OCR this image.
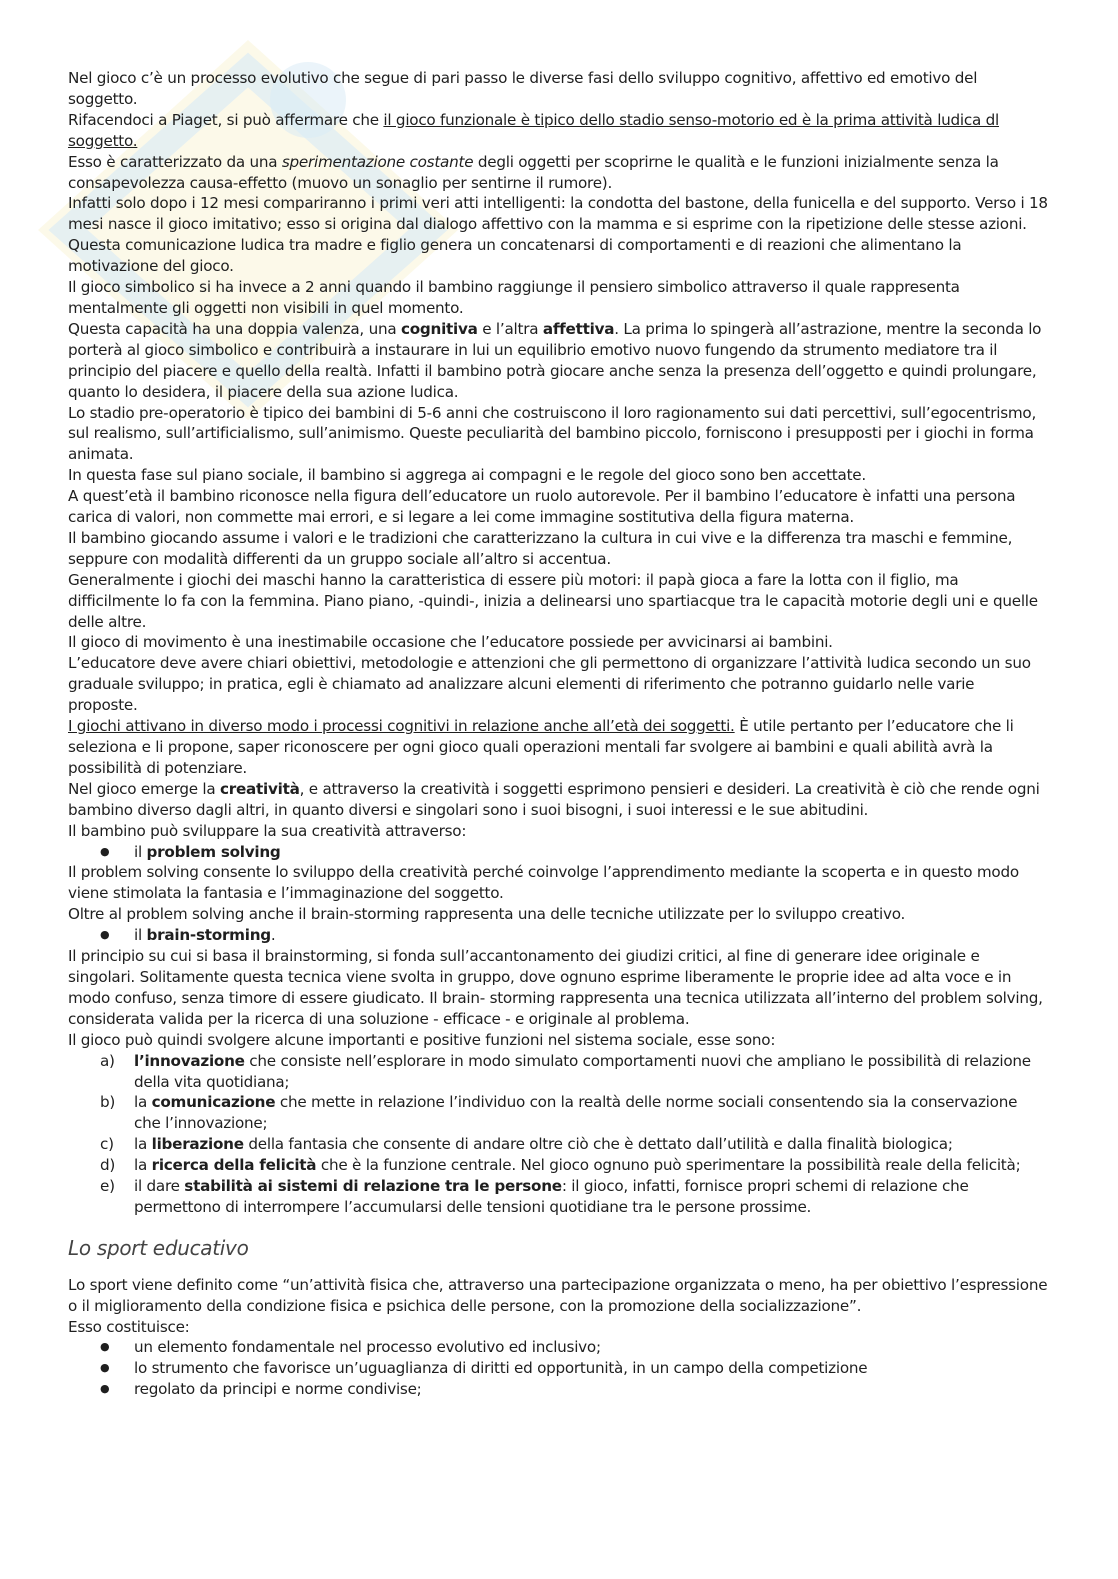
Nel gioco c’è un processo evolutivo che segue di pari passo le diverse fasi dello sviluppo cognitivo, affettivo ed emotivo del soggetto.

Rifacendoci a Piaget, si può affermare che il gioco funzionale è tipico dello stadio senso-motorio ed è la prima attività ludica dl soggetto.

Esso è caratterizzato da una sperimentazione costante degli oggetti per scoprirne le qualità e le funzioni inizialmente senza la consapevolezza causa-effetto (muovo un sonaglio per sentirne il rumore).

Infatti solo dopo i 12 mesi compariranno i primi veri atti intelligenti: la condotta del bastone, della funicella e del supporto. Verso i 18 mesi nasce il gioco imitativo; esso si origina dal dialogo affettivo con la mamma e si esprime con la ripetizione delle stesse azioni. Questa comunicazione ludica tra madre e figlio genera un concatenarsi di comportamenti e di reazioni che alimentano la motivazione del gioco.

Il gioco simbolico si ha invece a 2 anni quando il bambino raggiunge il pensiero simbolico attraverso il quale rappresenta mentalmente gli oggetti non visibili in quel momento.

Questa capacità ha una doppia valenza, una cognitiva e l’altra affettiva. La prima lo spingerà all’astrazione, mentre la seconda lo porterà al gioco simbolico e contribuirà a instaurare in lui un equilibrio emotivo nuovo fungendo da strumento mediatore tra il principio del piacere e quello della realtà. Infatti il bambino potrà giocare anche senza la presenza dell’oggetto e quindi prolungare, quanto lo desidera, il piacere della sua azione ludica.

Lo stadio pre-operatorio è tipico dei bambini di 5-6 anni che costruiscono il loro ragionamento sui dati percettivi, sull’egocentrismo, sul realismo, sull’artificialismo, sull’animismo. Queste peculiarità del bambino piccolo, forniscono i presupposti per i giochi in forma animata.

In questa fase sul piano sociale, il bambino si aggrega ai compagni e le regole del gioco sono ben accettate.

A quest’età il bambino riconosce nella figura dell’educatore un ruolo autorevole. Per il bambino l’educatore è infatti una persona carica di valori, non commette mai errori, e si legare a lei come immagine sostitutiva della figura materna.

Il bambino giocando assume i valori e le tradizioni che caratterizzano la cultura in cui vive e la differenza tra maschi e femmine, seppure con modalità differenti da un gruppo sociale all’altro si accentua.

Generalmente i giochi dei maschi hanno la caratteristica di essere più motori: il papà gioca a fare la lotta con il figlio, ma difficilmente lo fa con la femmina. Piano piano, -quindi-, inizia a delinearsi uno spartiacque tra le capacità motorie degli uni e quelle delle altre.

Il gioco di movimento è una inestimabile occasione che l’educatore possiede per avvicinarsi ai bambini.

L’educatore deve avere chiari obiettivi, metodologie e attenzioni che gli permettono di organizzare l’attività ludica secondo un suo graduale sviluppo; in pratica, egli è chiamato ad analizzare alcuni elementi di riferimento che potranno guidarlo nelle varie proposte.

I giochi attivano in diverso modo i processi cognitivi in relazione anche all’età dei soggetti. È utile pertanto per l’educatore che li seleziona e li propone, saper riconoscere per ogni gioco quali operazioni mentali far svolgere ai bambini e quali abilità avrà la possibilità di potenziare.

Nel gioco emerge la creatività, e attraverso la creatività i soggetti esprimono pensieri e desideri. La creatività è ciò che rende ogni bambino diverso dagli altri, in quanto diversi e singolari sono i suoi bisogni, i suoi interessi e le sue abitudini.

Il bambino può sviluppare la sua creatività attraverso:

● il problem solving

Il problem solving consente lo sviluppo della creatività perché coinvolge l’apprendimento mediante la scoperta e in questo modo viene stimolata la fantasia e l’immaginazione del soggetto.

Oltre al problem solving anche il brain-storming rappresenta una delle tecniche utilizzate per lo sviluppo creativo.

● il brain-storming.

Il principio su cui si basa il brainstorming, si fonda sull’accantonamento dei giudizi critici, al fine di generare idee originale e singolari. Solitamente questa tecnica viene svolta in gruppo, dove ognuno esprime liberamente le proprie idee ad alta voce e in modo confuso, senza timore di essere giudicato. Il brain- storming rappresenta una tecnica utilizzata all’interno del problem solving, considerata valida per la ricerca di una soluzione - efficace - e originale al problema.

Il gioco può quindi svolgere alcune importanti e positive funzioni nel sistema sociale, esse sono:

a) l’innovazione che consiste nell’esplorare in modo simulato comportamenti nuovi che ampliano le possibilità di relazione della vita quotidiana;
b) la comunicazione che mette in relazione l’individuo con la realtà delle norme sociali consentendo sia la conservazione che l’innovazione;
c) la liberazione della fantasia che consente di andare oltre ciò che è dettato dall’utilità e dalla finalità biologica;
d) la ricerca della felicità che è la funzione centrale. Nel gioco ognuno può sperimentare la possibilità reale della felicità;
e) il dare stabilità ai sistemi di relazione tra le persone: il gioco, infatti, fornisce propri schemi di relazione che permettono di interrompere l’accumularsi delle tensioni quotidiane tra le persone prossime.
Lo sport educativo

Lo sport viene definito come “un’attività fisica che, attraverso una partecipazione organizzata o meno, ha per obiettivo l’espressione o il miglioramento della condizione fisica e psichica delle persone, con la promozione della socializzazione”.

Esso costituisce:

● un elemento fondamentale nel processo evolutivo ed inclusivo;
● lo strumento che favorisce un’uguaglianza di diritti ed opportunità, in un campo della competizione
● regolato da principi e norme condivise;
